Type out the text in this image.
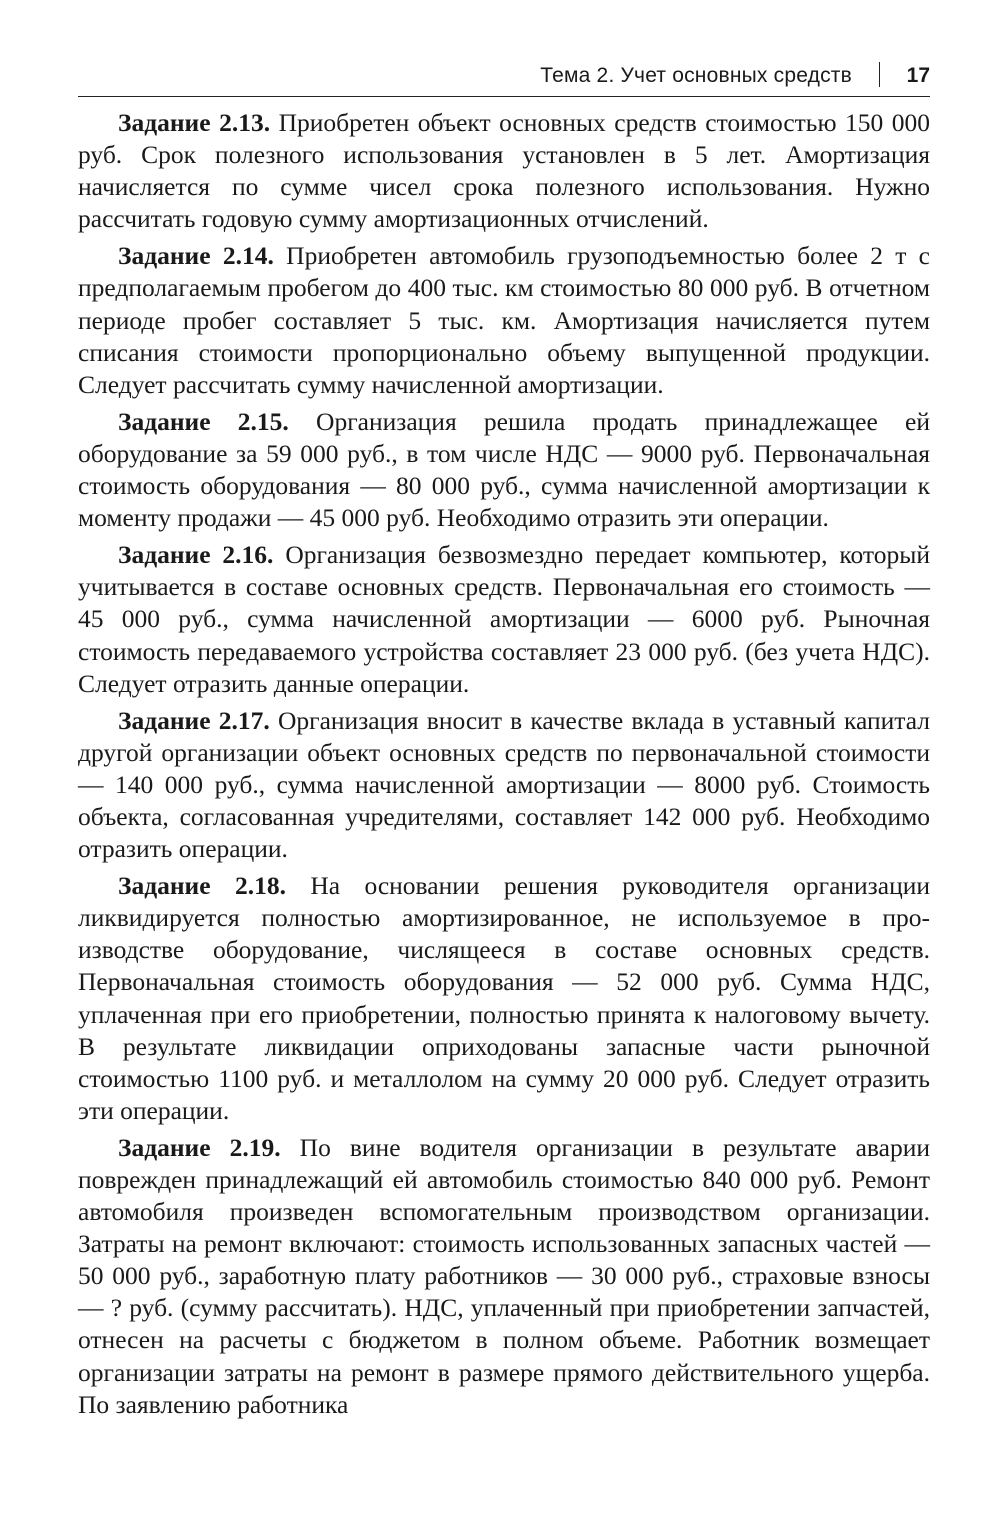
Тема 2. Учет основных средств	17

Задание 2.13. Приобретен объект основных средств стоимостью 150 000 руб. Срок полезного использования установлен в 5 лет. Амортизация начисляется по сумме чисел срока полезного использования. Нужно рассчитать годовую сумму амортизационных отчислений.

Задание 2.14. Приобретен автомобиль грузоподъемностью более 2 т с предполагаемым пробегом до 400 тыс. км стоимостью 80 000 руб. В отчетном периоде пробег составляет 5 тыс. км. Амортизация начисляется путем списания стоимости пропорционально объему выпущенной продукции. Следует рассчитать сумму начисленной амортизации.

Задание 2.15. Организация решила продать принадлежащее ей оборудование за 59 000 руб., в том числе НДС — 9000 руб. Первоначальная стоимость оборудования — 80 000 руб., сумма начисленной амортизации к моменту продажи — 45 000 руб. Необходимо отразить эти операции.

Задание 2.16. Организация безвозмездно передает компьютер, который учитывается в составе основных средств. Первоначальная его стоимость — 45 000 руб., сумма начисленной амортизации — 6000 руб. Рыночная стоимость передаваемого устройства составляет 23 000 руб. (без учета НДС). Следует отразить данные операции.

Задание 2.17. Организация вносит в качестве вклада в уставный капитал другой организации объект основных средств по первоначальной стоимости — 140 000 руб., сумма начисленной амортизации — 8000 руб. Стоимость объекта, согласованная учредителями, составляет 142 000 руб. Необходимо отразить операции.

Задание 2.18. На основании решения руководителя организации ликвидируется полностью амортизированное, не используемое в производстве оборудование, числящееся в составе основных средств. Первоначальная стоимость оборудования — 52 000 руб. Сумма НДС, уплаченная при его приобретении, полностью принята к налоговому вычету. В результате ликвидации оприходованы запасные части рыночной стоимостью 1100 руб. и металлолом на сумму 20 000 руб. Следует отразить эти операции.

Задание 2.19. По вине водителя организации в результате аварии поврежден принадлежащий ей автомобиль стоимостью 840 000 руб. Ремонт автомобиля произведен вспомогательным производством организации. Затраты на ремонт включают: стоимость использованных запасных частей — 50 000 руб., заработную плату работников — 30 000 руб., страховые взносы — ? руб. (сумму рассчитать). НДС, уплаченный при приобретении запчастей, отнесен на расчеты с бюджетом в полном объеме. Работник возмещает организации затраты на ремонт в размере прямого действительного ущерба. По заявлению работника
